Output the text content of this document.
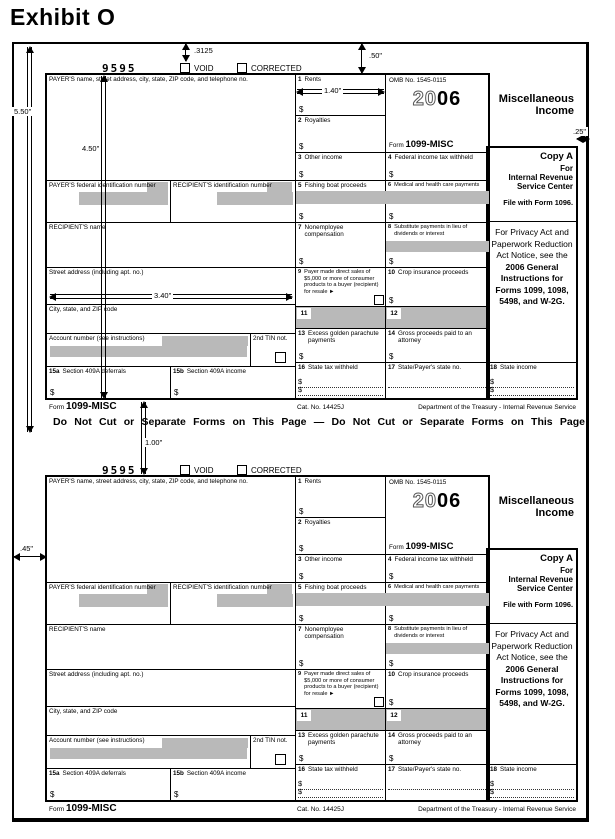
Exhibit O
9595	VOID	CORRECTED
PAYER'S name, street address, city, state, ZIP code, and telephone no.
PAYER'S federal identification number	RECIPIENT'S identification number
RECIPIENT'S name
Street address (including apt. no.)
City, state, and ZIP code
Account number (see instructions)	2nd TIN not.
15a Section 409A deferrals
$
15b Section 409A income
$
1 Rents
$
2 Royalties
$
3 Other income
$
5 Fishing boat proceeds
$
7 Nonemployee compensation
$
9 Payer made direct sales of $5,000 or more of consumer products to a buyer (recipient) for resale ►
11
13 Excess golden parachute payments
$
16 State tax withheld
$
$
OMB No. 1545-0115
2006
Form 1099-MISC
4 Federal income tax withheld
$
6 Medical and health care payments
$
8 Substitute payments in lieu of dividends or interest
$
10 Crop insurance proceeds
$
12
14 Gross proceeds paid to an attorney
$
17 State/Payer's state no.
Miscellaneous
Income
Copy A
For
Internal Revenue
Service Center
File with Form 1096.
For Privacy Act and Paperwork Reduction Act Notice, see the 2006 General Instructions for Forms 1099, 1098, 5498, and W-2G.
18 State income
$
$
Form 1099-MISC	Cat. No. 14425J	Department of the Treasury - Internal Revenue Service
9595	VOID	CORRECTED
PAYER'S name, street address, city, state, ZIP code, and telephone no.
PAYER'S federal identification number	RECIPIENT'S identification number
RECIPIENT'S name
Street address (including apt. no.)
City, state, and ZIP code
Account number (see instructions)	2nd TIN not.
15a Section 409A deferrals
$
15b Section 409A income
$
1 Rents
$
2 Royalties
$
3 Other income
$
5 Fishing boat proceeds
$
7 Nonemployee compensation
$
9 Payer made direct sales of $5,000 or more of consumer products to a buyer (recipient) for resale ►
11
13 Excess golden parachute payments
$
16 State tax withheld
$
$
OMB No. 1545-0115
2006
Form 1099-MISC
4 Federal income tax withheld
$
6 Medical and health care payments
$
8 Substitute payments in lieu of dividends or interest
$
10 Crop insurance proceeds
$
12
14 Gross proceeds paid to an attorney
$
17 State/Payer's state no.
Miscellaneous
Income
Copy A
For
Internal Revenue
Service Center
File with Form 1096.
For Privacy Act and Paperwork Reduction Act Notice, see the 2006 General Instructions for Forms 1099, 1098, 5498, and W-2G.
18 State income
$
$
Form 1099-MISC	Cat. No. 14425J	Department of the Treasury - Internal Revenue Service
Do Not Cut or Separate Forms on This Page — Do Not Cut or Separate Forms on This Page
.3125
.50"
5.50"
4.50"
1.00"
1.40"
3.40"
.25"
.45"
